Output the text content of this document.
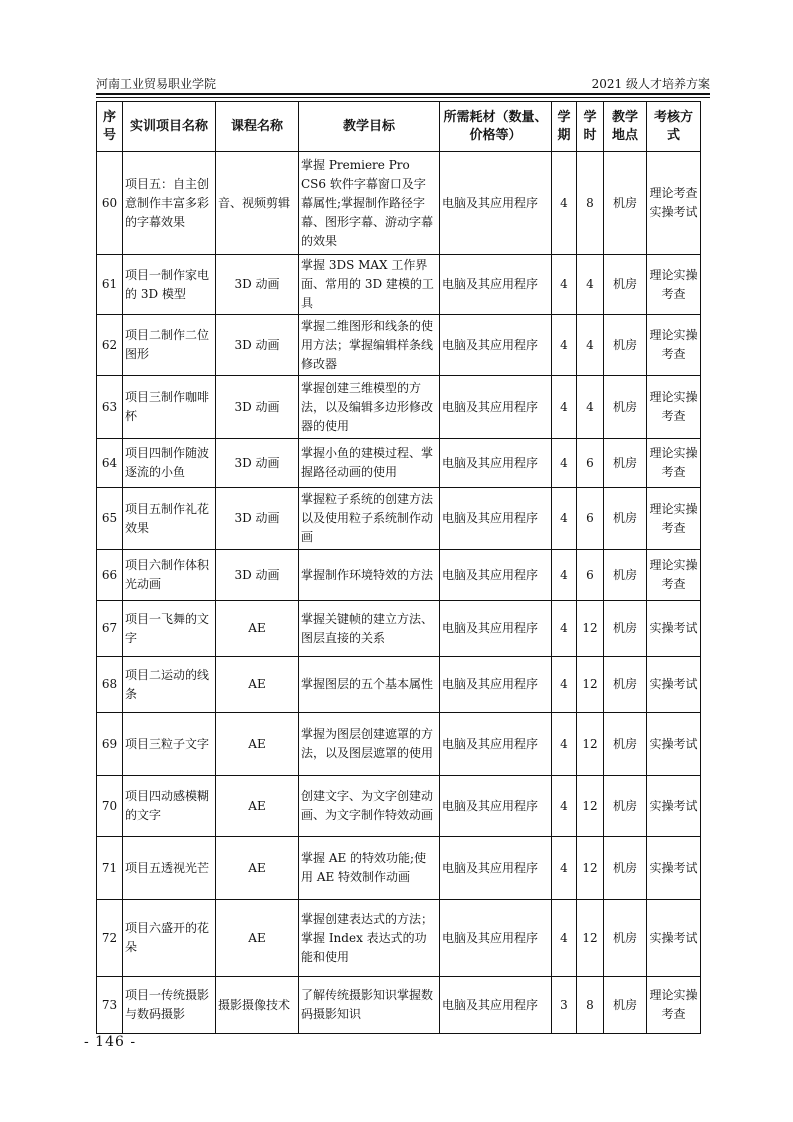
河南工业贸易职业学院	2021 级人才培养方案
序号	实训项目名称	课程名称	教学目标	所需耗材（数量、价格等）	学期	学时	教学地点	考核方式
60	项目五：自主创意制作丰富多彩的字幕效果	音、视频剪辑	掌握 Premiere Pro CS6 软件字幕窗口及字幕属性;掌握制作路径字幕、图形字幕、游动字幕的效果	电脑及其应用程序	4	8	机房	理论考查实操考试
61	项目一制作家电的 3D 模型	3D 动画	掌握 3DS MAX 工作界面、常用的 3D 建模的工具	电脑及其应用程序	4	4	机房	理论实操考查
62	项目二制作二位图形	3D 动画	掌握二维图形和线条的使用方法；掌握编辑样条线修改器	电脑及其应用程序	4	4	机房	理论实操考查
63	项目三制作咖啡杯	3D 动画	掌握创建三维模型的方法，以及编辑多边形修改器的使用	电脑及其应用程序	4	4	机房	理论实操考查
64	项目四制作随波逐流的小鱼	3D 动画	掌握小鱼的建模过程、掌握路径动画的使用	电脑及其应用程序	4	6	机房	理论实操考查
65	项目五制作礼花效果	3D 动画	掌握粒子系统的创建方法以及使用粒子系统制作动画	电脑及其应用程序	4	6	机房	理论实操考查
66	项目六制作体积光动画	3D 动画	掌握制作环境特效的方法	电脑及其应用程序	4	6	机房	理论实操考查
67	项目一飞舞的文字	AE	掌握关键帧的建立方法、图层直接的关系	电脑及其应用程序	4	12	机房	实操考试
68	项目二运动的线条	AE	掌握图层的五个基本属性	电脑及其应用程序	4	12	机房	实操考试
69	项目三粒子文字	AE	掌握为图层创建遮罩的方法，以及图层遮罩的使用	电脑及其应用程序	4	12	机房	实操考试
70	项目四动感模糊的文字	AE	创建文字、为文字创建动画、为文字制作特效动画	电脑及其应用程序	4	12	机房	实操考试
71	项目五透视光芒	AE	掌握 AE 的特效功能;使用 AE 特效制作动画	电脑及其应用程序	4	12	机房	实操考试
72	项目六盛开的花朵	AE	掌握创建表达式的方法；掌握 Index 表达式的功能和使用	电脑及其应用程序	4	12	机房	实操考试
73	项目一传统摄影与数码摄影	摄影摄像技术	了解传统摄影知识掌握数码摄影知识	电脑及其应用程序	3	8	机房	理论实操考查
- 146 -
